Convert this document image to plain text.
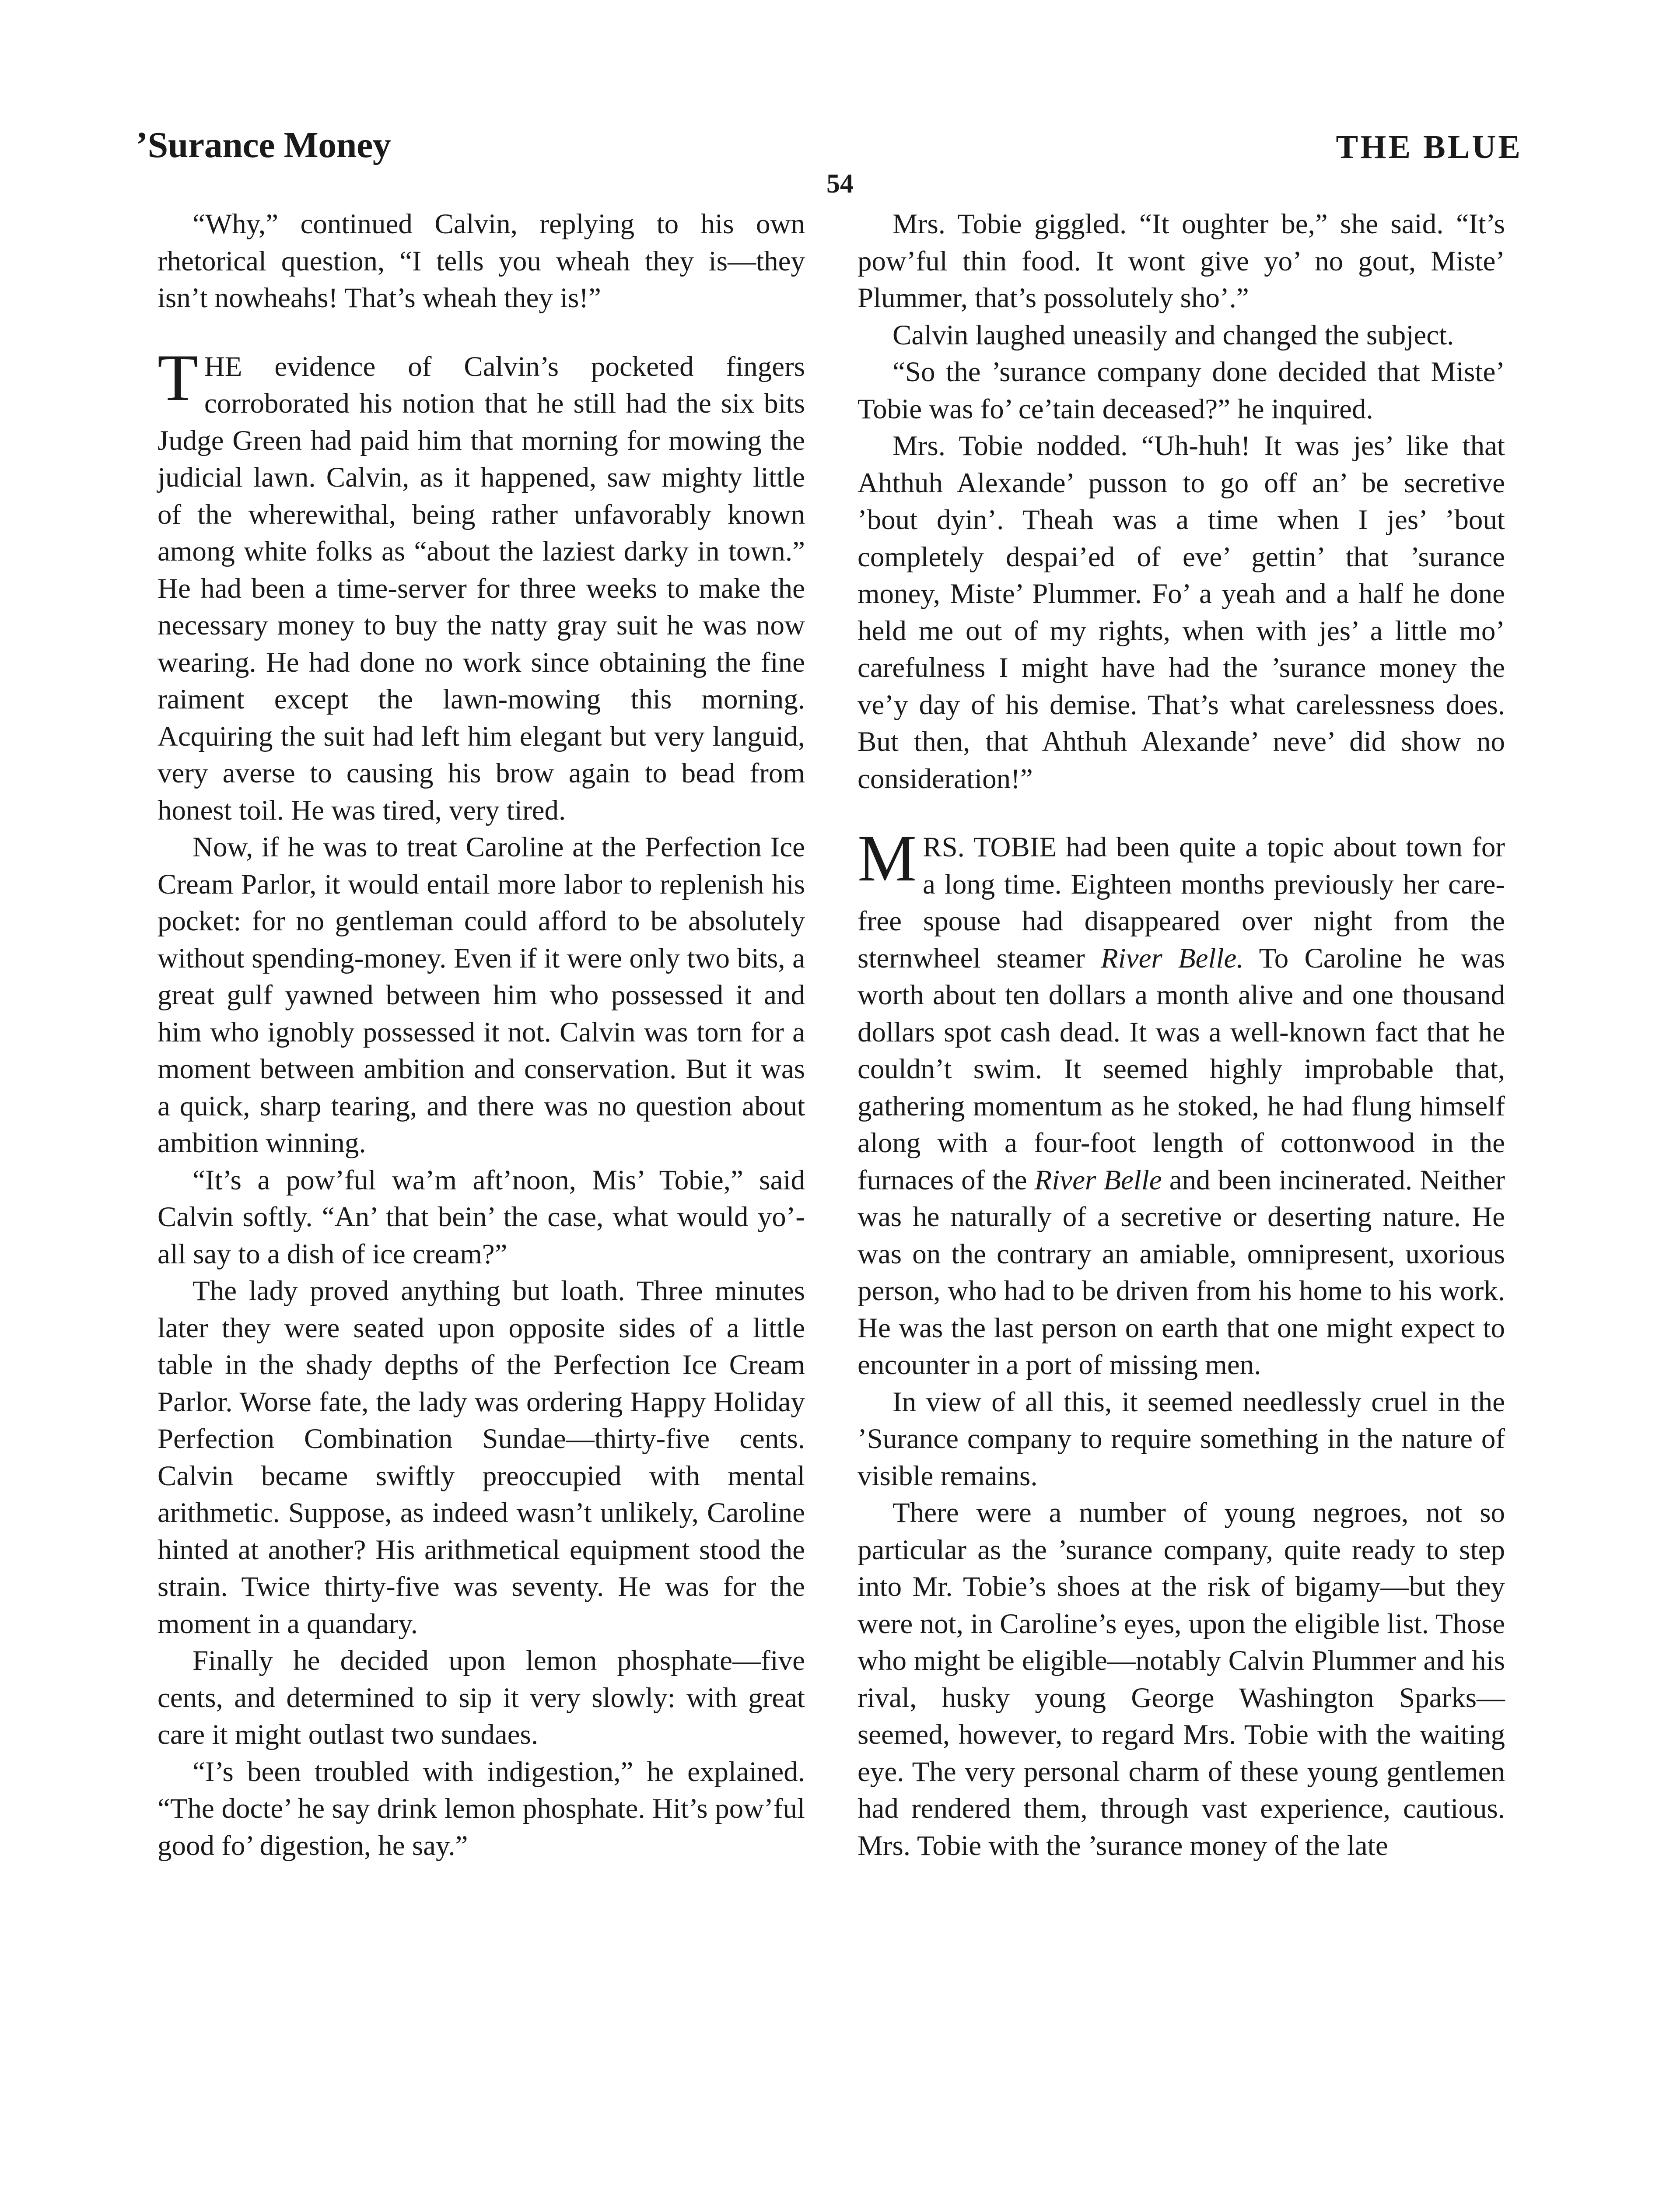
’Surance Money	THE BLUE
54

“Why,” continued Calvin, replying to his own rhetorical question, “I tells you wheah they is—they isn’t nowheahs! That’s wheah they is!”

THE evidence of Calvin’s pocketed fingers corroborated his notion that he still had the six bits Judge Green had paid him that morning for mowing the judicial lawn. Calvin, as it happened, saw mighty little of the wherewithal, being rather unfavorably known among white folks as “about the laziest darky in town.” He had been a time-server for three weeks to make the necessary money to buy the natty gray suit he was now wearing. He had done no work since obtaining the fine raiment except the lawn-mowing this morning. Acquiring the suit had left him elegant but very languid, very averse to causing his brow again to bead from honest toil. He was tired, very tired.

Now, if he was to treat Caroline at the Perfection Ice Cream Parlor, it would entail more labor to replenish his pocket: for no gentleman could afford to be absolutely without spending-money. Even if it were only two bits, a great gulf yawned between him who possessed it and him who ignobly possessed it not. Calvin was torn for a moment between ambition and conservation. But it was a quick, sharp tearing, and there was no question about ambition winning.

“It’s a pow’ful wa’m aft’noon, Mis’ Tobie,” said Calvin softly. “An’ that bein’ the case, what would yo’-all say to a dish of ice cream?”

The lady proved anything but loath. Three minutes later they were seated upon opposite sides of a little table in the shady depths of the Perfection Ice Cream Parlor. Worse fate, the lady was ordering Happy Holiday Perfection Combination Sundae—thirty-five cents. Calvin became swiftly preoccupied with mental arithmetic. Suppose, as indeed wasn’t unlikely, Caroline hinted at another? His arithmetical equipment stood the strain. Twice thirty-five was seventy. He was for the moment in a quandary.

Finally he decided upon lemon phosphate—five cents, and determined to sip it very slowly: with great care it might outlast two sundaes.

“I’s been troubled with indigestion,” he explained. “The docte’ he say drink lemon phosphate. Hit’s pow’ful good fo’ digestion, he say.”

Mrs. Tobie giggled. “It oughter be,” she said. “It’s pow’ful thin food. It wont give yo’ no gout, Miste’ Plummer, that’s possolutely sho’.”

Calvin laughed uneasily and changed the subject.

“So the ’surance company done decided that Miste’ Tobie was fo’ ce’tain deceased?” he inquired.

Mrs. Tobie nodded. “Uh-huh! It was jes’ like that Ahthuh Alexande’ pusson to go off an’ be secretive ’bout dyin’. Theah was a time when I jes’ ’bout completely despai’ed of eve’ gettin’ that ’surance money, Miste’ Plummer. Fo’ a yeah and a half he done held me out of my rights, when with jes’ a little mo’ carefulness I might have had the ’surance money the ve’y day of his demise. That’s what carelessness does. But then, that Ahthuh Alexande’ neve’ did show no consideration!”

MRS. TOBIE had been quite a topic about town for a long time. Eighteen months previously her care-free spouse had disappeared over night from the sternwheel steamer River Belle. To Caroline he was worth about ten dollars a month alive and one thousand dollars spot cash dead. It was a well-known fact that he couldn’t swim. It seemed highly improbable that, gathering momentum as he stoked, he had flung himself along with a four-foot length of cottonwood in the furnaces of the River Belle and been incinerated. Neither was he naturally of a secretive or deserting nature. He was on the contrary an amiable, omnipresent, uxorious person, who had to be driven from his home to his work. He was the last person on earth that one might expect to encounter in a port of missing men.

In view of all this, it seemed needlessly cruel in the ’Surance company to require something in the nature of visible remains.

There were a number of young negroes, not so particular as the ’surance company, quite ready to step into Mr. Tobie’s shoes at the risk of bigamy—but they were not, in Caroline’s eyes, upon the eligible list. Those who might be eligible—notably Calvin Plummer and his rival, husky young George Washington Sparks—seemed, however, to regard Mrs. Tobie with the waiting eye. The very personal charm of these young gentlemen had rendered them, through vast experience, cautious. Mrs. Tobie with the ’surance money of the late
